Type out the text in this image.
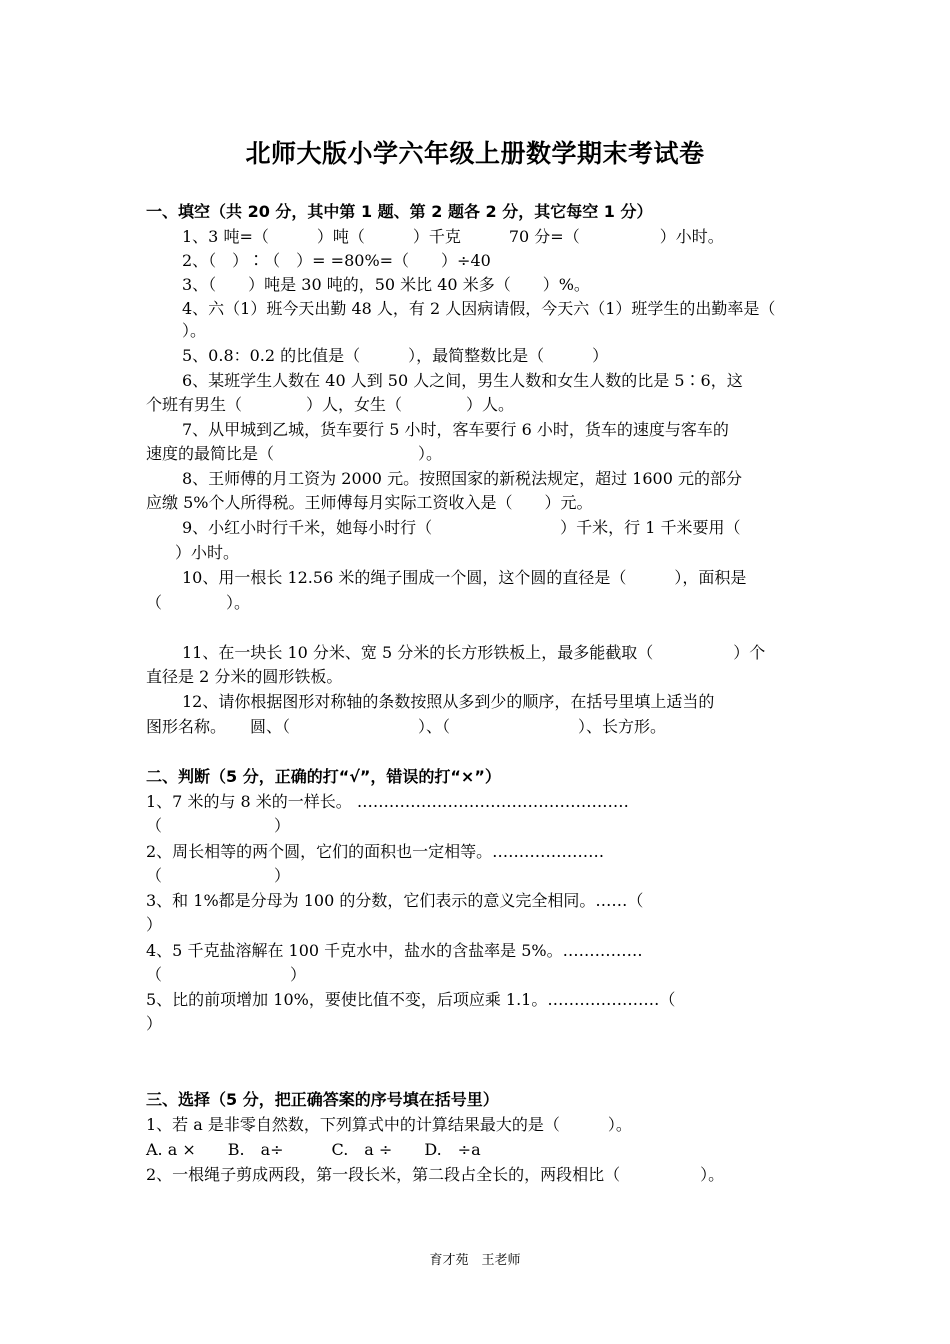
北师大版小学六年级上册数学期末考试卷
一、填空（共 20 分，其中第 1 题、第 2 题各 2 分，其它每空 1 分）
1、3 吨=（　　　）吨（　　　）千克　　　70 分=（　　　　　）小时。
2、（　）∶（　）= =80%=（　　）÷40
3、（　　）吨是 30 吨的，50 米比 40 米多（　　）%。
4、六（1）班今天出勤 48 人，有 2 人因病请假，今天六（1）班学生的出勤率是（
）。
5、0.8：0.2 的比值是（　　　），最简整数比是（　　　）
6、某班学生人数在 40 人到 50 人之间，男生人数和女生人数的比是 5∶6，这
个班有男生（　　　　）人，女生（　　　　）人。
7、从甲城到乙城，货车要行 5 小时，客车要行 6 小时，货车的速度与客车的
速度的最简比是（　　　　　　　　　）。
8、王师傅的月工资为 2000 元。按照国家的新税法规定，超过 1600 元的部分
应缴 5%个人所得税。王师傅每月实际工资收入是（　　）元。
9、小红小时行千米，她每小时行（　　　　　　　　）千米，行 1 千米要用（
）小时。
10、用一根长 12.56 米的绳子围成一个圆，这个圆的直径是（　　　），面积是
（　　　　）。
11、在一块长 10 分米、宽 5 分米的长方形铁板上，最多能截取（　　　　　）个
直径是 2 分米的圆形铁板。
12、请你根据图形对称轴的条数按照从多到少的顺序，在括号里填上适当的
图形名称。　　圆、（　　　　　　　　）、（　　　　　　　　）、长方形。
二、判断（5 分，正确的打“√”，错误的打“×”）
1、7 米的与 8 米的一样长。 ……………………………………………
（　　　　　　　）
2、周长相等的两个圆，它们的面积也一定相等。…………………
（　　　　　　　）
3、和 1%都是分母为 100 的分数，它们表示的意义完全相同。……（
）
4、5 千克盐溶解在 100 千克水中，盐水的含盐率是 5%。……………
（　　　　　　　　）
5、比的前项增加 10%，要使比值不变，后项应乘 1.1。…………………（
）
三、选择（5 分，把正确答案的序号填在括号里）
1、若 a 是非零自然数，下列算式中的计算结果最大的是（　　　）。
A. a ×　　B.　a÷　　　C.　a ÷　　D.　÷a
2、一根绳子剪成两段，第一段长米，第二段占全长的，两段相比（　　　　　）。
育才苑　王老师
